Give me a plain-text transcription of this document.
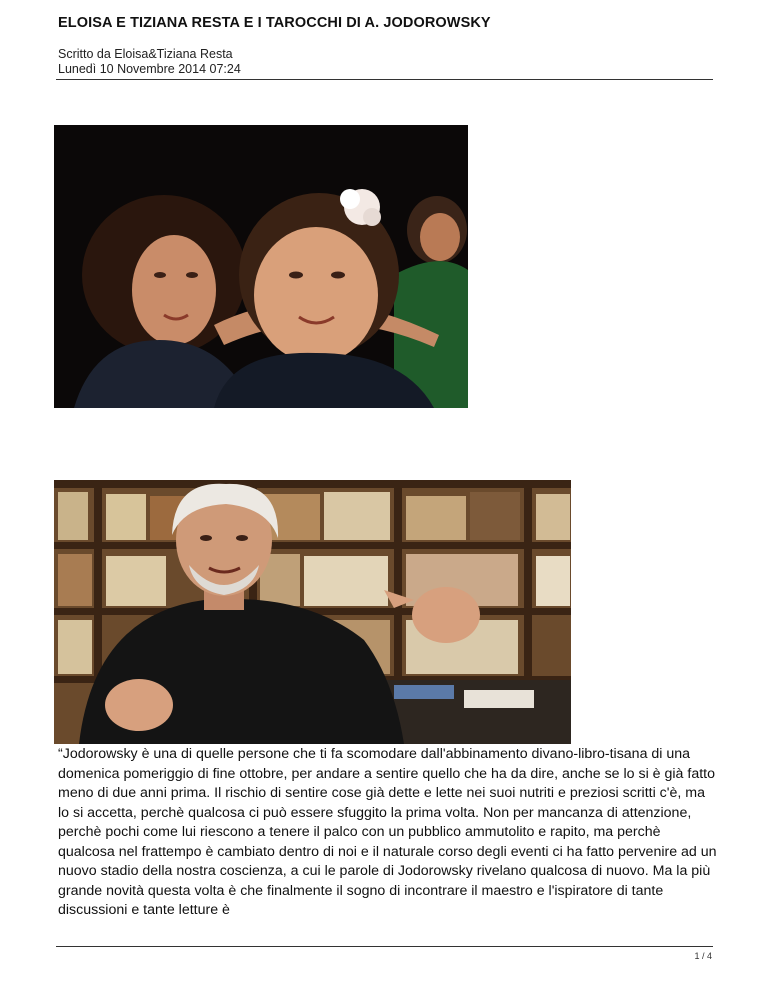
ELOISA E TIZIANA RESTA E I TAROCCHI DI A. JODOROWSKY
Scritto da Eloisa&Tiziana Resta
Lunedì 10 Novembre 2014 07:24
“Jodorowsky è una di quelle persone che ti fa scomodare dall'abbinamento divano-libro-tisana di una domenica pomeriggio di fine ottobre, per andare a sentire quello che ha da dire, anche se lo si è già fatto meno di due anni prima. Il rischio di sentire cose già dette e lette nei suoi nutriti e preziosi scritti c'è, ma lo si accetta, perchè qualcosa ci può essere sfuggito la prima volta. Non per mancanza di attenzione, perchè pochi come lui riescono a tenere il palco con un pubblico ammutolito e rapito, ma perchè qualcosa nel frattempo è cambiato dentro di noi e il naturale corso degli eventi ci ha fatto pervenire ad un nuovo stadio della nostra coscienza, a cui le parole di Jodorowsky rivelano qualcosa di nuovo. Ma la più grande novità questa volta è che finalmente il sogno di incontrare il maestro e l'ispiratore di tante discussioni e tante letture è
1 / 4
